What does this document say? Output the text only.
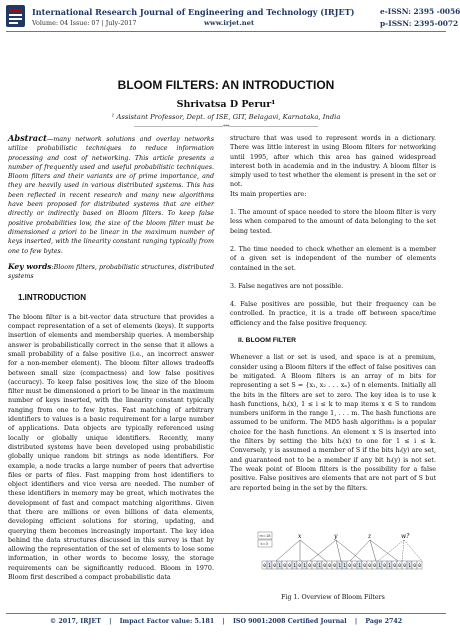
International Research Journal of Engineering and Technology (IRJET)	e-ISSN: 2395 -0056
Volume: 04 Issue: 07 | July-2017	www.irjet.net	p-ISSN: 2395-0072
BLOOM FILTERS: AN INTRODUCTION
Shrivatsa D Perur¹
¹ Assistant Professor, Dept. of ISE, GIT, Belagavi, Karnataka, India
---------------------------------------------------------------------***---------------------------------------------------------------------

Abstract—many network solutions and overlay networks utilize probabilistic techniques to reduce information processing and cost of networking. This article presents a number of frequently used and useful probabilistic techniques. Bloom filters and their variants are of prime importance, and they are heavily used in various distributed systems. This has been reflected in recent research and many new algorithms have been proposed for distributed systems that are either directly or indirectly based on Bloom filters. To keep false positive probabilities low, the size of the bloom filter must be dimensioned a priori to be linear in the maximum number of keys inserted, with the linearity constant ranging typically from one to few bytes.

Key words:Bloom filters, probabilistic structures, distributed systems

1.INTRODUCTION

The bloom filter is a bit-vector data structure that provides a compact representation of a set of elements (keys). It supports insertion of elements and membership queries. A membership answer is probabilistically correct in the sense that it allows a small probability of a false positive (i.e., an incorrect answer for a non-member element). The bloom filter allows tradeoffs between small size (compactness) and low false positives (accuracy). To keep false positives low, the size of the bloom filter must be dimensioned a priori to be linear in the maximum number of keys inserted, with the linearity constant typically ranging from one to few bytes. Fast matching of arbitrary identifiers to values is a basic requirement for a large number of applications. Data objects are typically referenced using locally or globally unique identifiers. Recently, many distributed systems have been developed using probabilistic globally unique random bit strings as node identifiers. For example, a node tracks a large number of peers that advertise files or parts of files. Fast mapping from host identifiers to object identifiers and vice versa are needed. The number of these identifiers in memory may be great, which motivates the development of fast and compact matching algorithms. Given that there are millions or even billions of data elements, developing efficient solutions for storing, updating, and querying them becomes increasingly important. The key idea behind the data structures discussed in this survey is that by allowing the representation of the set of elements to lose some information, in other words to become lossy, the storage requirements can be significantly reduced. Bloom in 1970. Bloom first described a compact probabilistic data

structure that was used to represent words in a dictionary. There was little interest in using Bloom filters for networking until 1995, after which this area has gained widespread interest both in academia and in the industry. A bloom filter is simply used to test whether the element is present in the set or not.

Its main properties are:

1. The amount of space needed to store the bloom filter is very less when compared to the amount of data belonging to the set being tested.

2. The time needed to check whether an element is a member of a given set is independent of the number of elements contained in the set.

3. False negatives are not possible.

4. False positives are possible, but their frequency can be controlled. In practice, it is a trade off between space/time efficiency and the false positive frequency.

II. BLOOM FILTER

Whenever a list or set is used, and space is at a premium, consider using a Bloom filters if the effect of false positives can be mitigated. A Bloom filters is an array of m bits for representing a set S = {x₁, x₂ . . . xₙ} of n elements. Initially all the bits in the filters are set to zero. The key idea is to use k hash functions, hᵢ(x), 1 ≤ i ≤ k to map items x ∈ S to random numbers uniform in the range 1, . . . m. The hash functions are assumed to be uniform. The MD5 hash algorithm₁ is a popular choice for the hash functions. An element x S is inserted into the filters by setting the bits hᵢ(x) to one for 1 ≤ i ≤ k. Conversely, y is assumed a member of S if the bits hᵢ(y) are set, and guaranteed not to be a member if any bit hᵢ(y) is not set. The weak point of Bloom filters is the possibility for a false positive. False positives are elements that are not part of S but are reported being in the set by the filters.

m=18
k=3
x	y	z	w?
0 1 0 1 0 0 1 0 1 0 0 1 0 0 0 1 1 0 0 1 0 0 0 1 0 1 0 0 0 1 0 0
Fig 1. Overview of Bloom Filters
© 2017, IRJET | Impact Factor value: 5.181 | ISO 9001:2008 Certified Journal | Page 2742
